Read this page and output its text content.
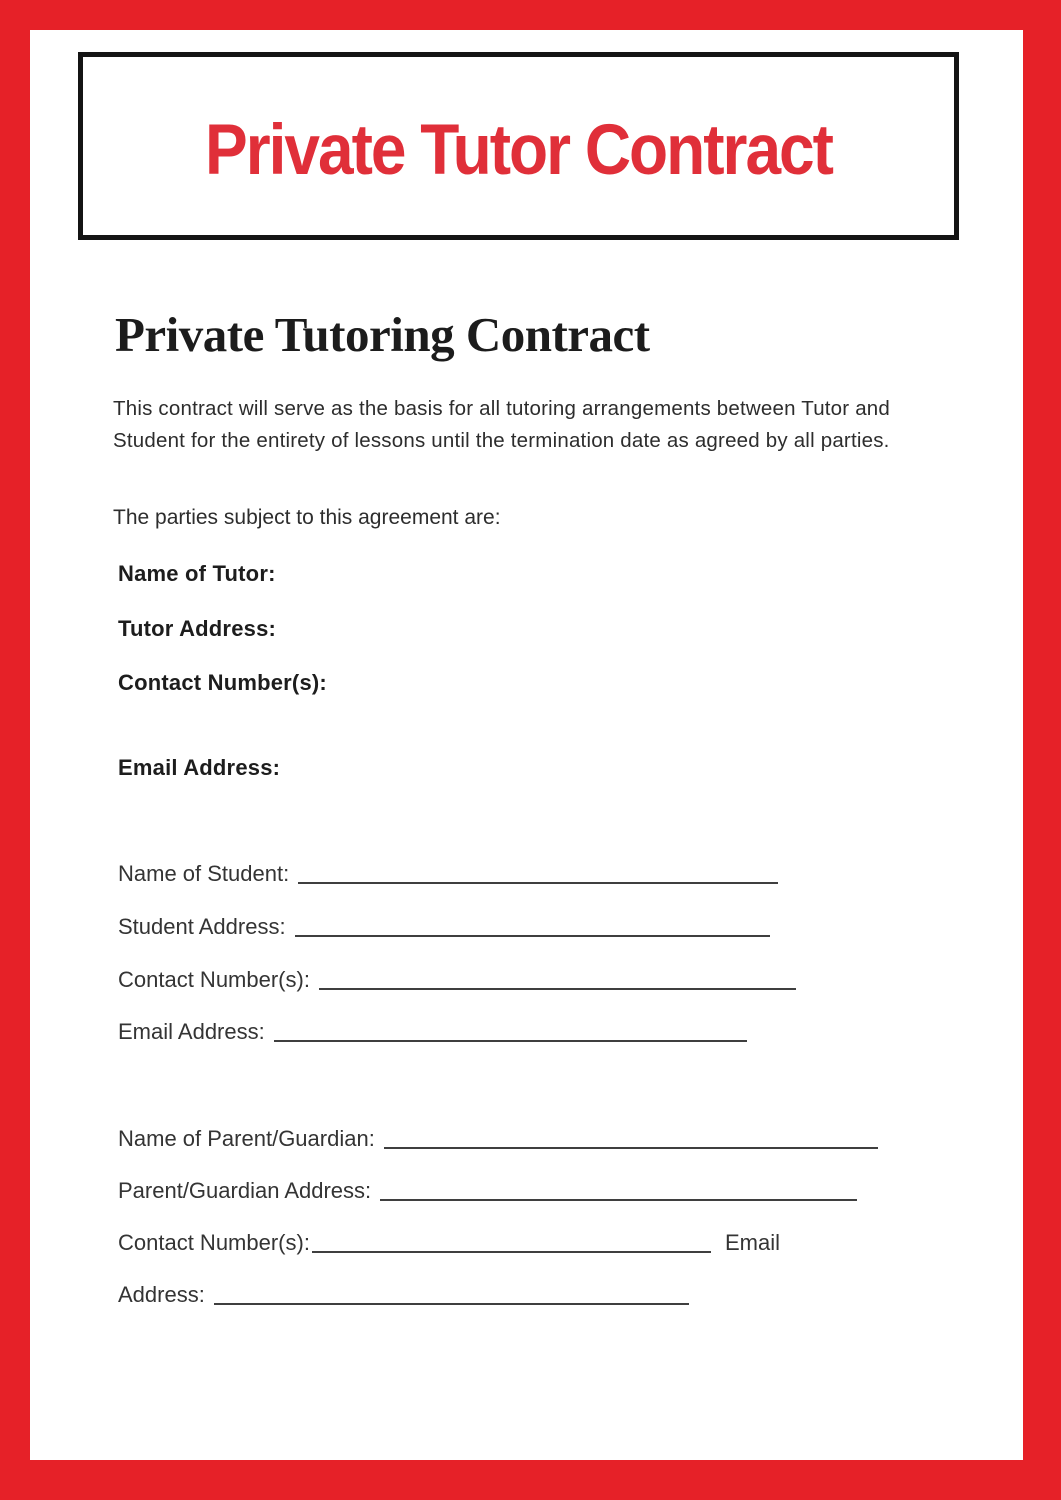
Private Tutor Contract
Private Tutoring Contract

This contract will serve as the basis for all tutoring arrangements between Tutor and Student for the entirety of lessons until the termination date as agreed by all parties.

The parties subject to this agreement are:

Name of Tutor:

Tutor Address:

Contact Number(s):

Email Address:

Name of Student:
Student Address:
Contact Number(s):
Email Address:
Name of Parent/Guardian:
Parent/Guardian Address:
Contact Number(s):	Email
Address:
